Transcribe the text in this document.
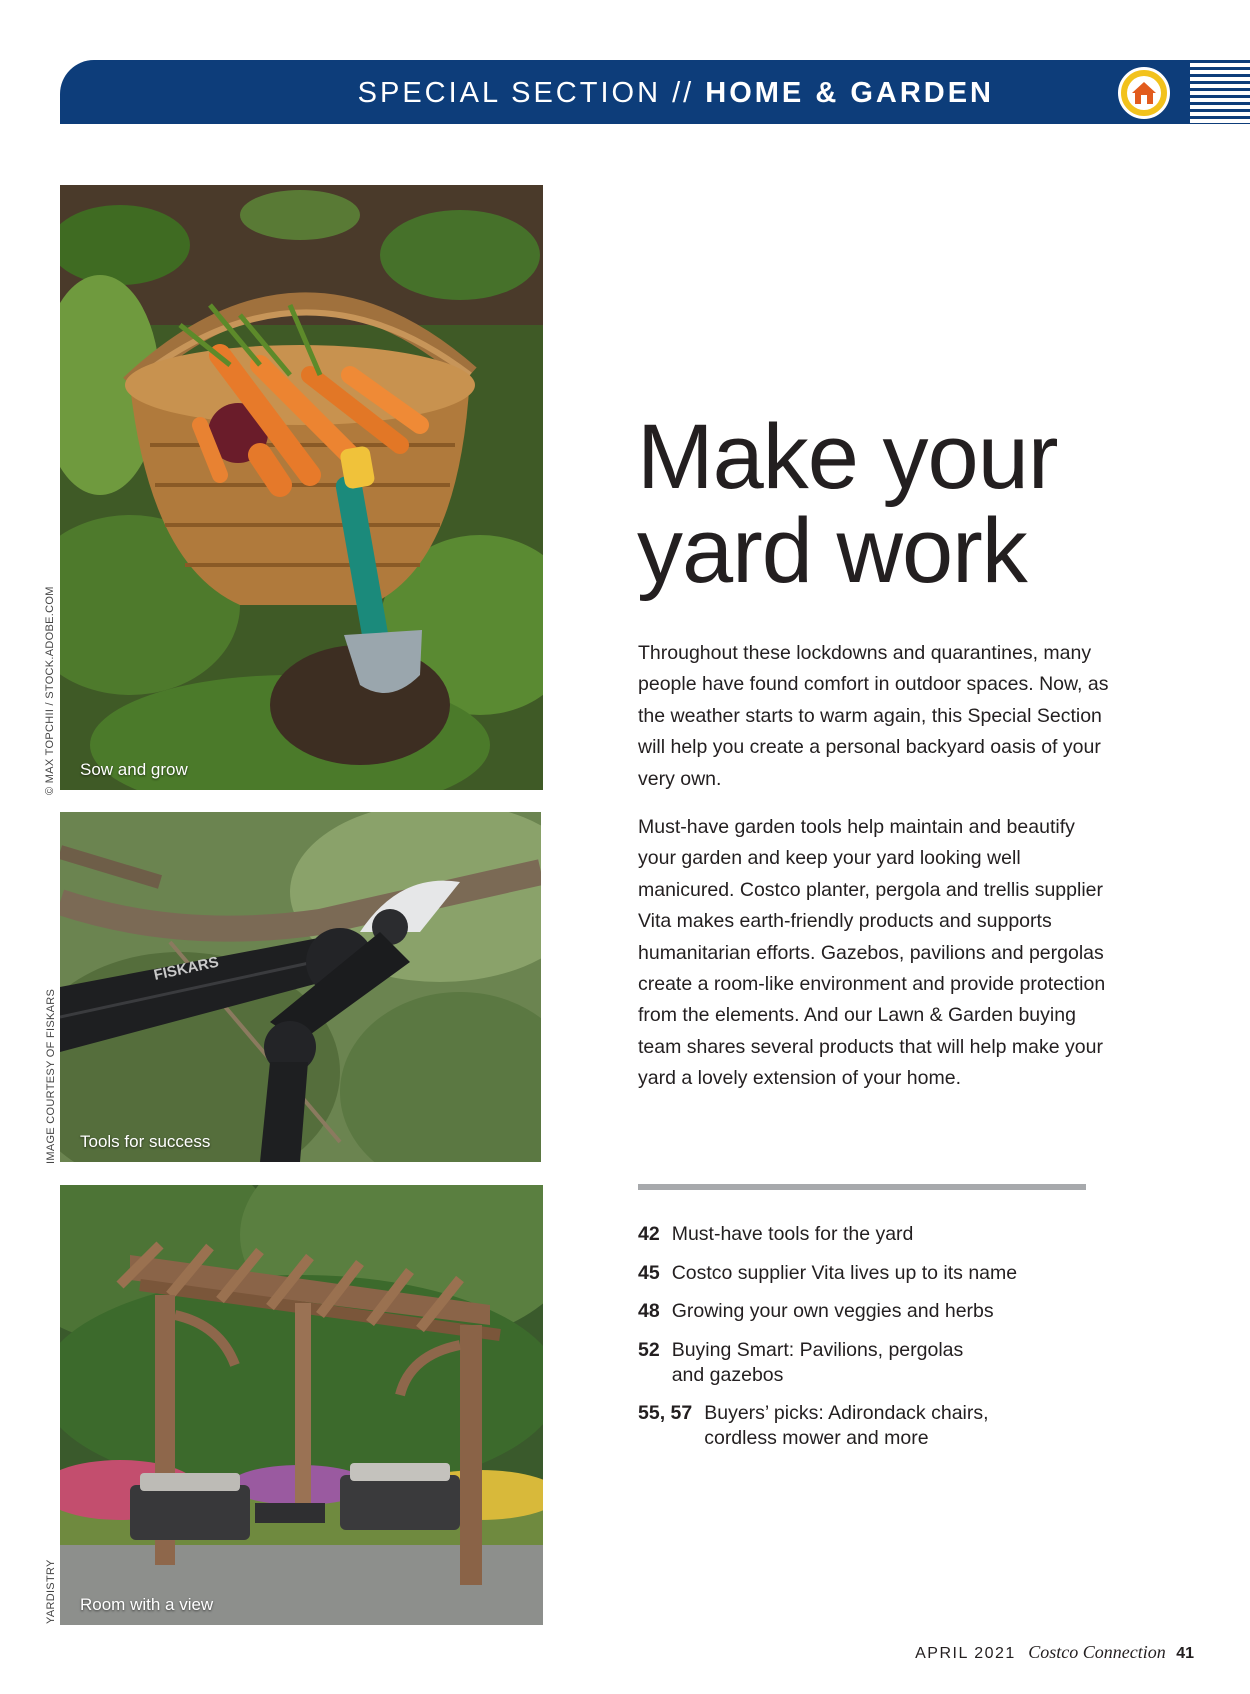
SPECIAL SECTION // HOME & GARDEN
Sow and grow
© MAX TOPCHII / STOCK.ADOBE.COM
FISKARS
Tools for success
IMAGE COURTESY OF FISKARS
Room with a view
YARDISTRY
Make your
yard work

Throughout these lockdowns and quarantines, many people have found comfort in outdoor spaces. Now, as the weather starts to warm again, this Special Section will help you create a personal backyard oasis of your very own.

Must-have garden tools help maintain and beautify your garden and keep your yard looking well manicured. Costco planter, pergola and trellis supplier Vita makes earth-friendly products and supports humanitarian efforts. Gazebos, pavilions and pergolas create a room-like environment and provide protection from the elements. And our Lawn & Garden buying team shares several products that will help make your yard a lovely extension of your home.

42 Must-have tools for the yard
45 Costco supplier Vita lives up to its name
48 Growing your own veggies and herbs
52 Buying Smart: Pavilions, pergolas and gazebos
55, 57 Buyers’ picks: Adirondack chairs, cordless mower and more
APRIL 2021 Costco Connection 41
